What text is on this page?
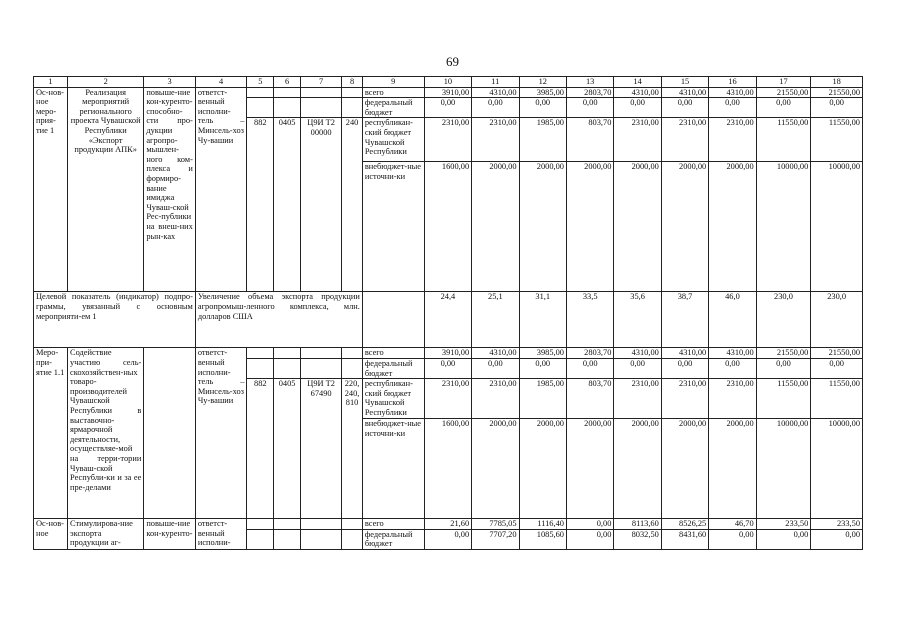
69
1	2	3	4	5	6	7	8	9	10	11	12	13	14	15	16	17	18
Ос-нов-ное меро-прия-тие 1	Реализация мероприятий регионального проекта Чувашской Республики «Экспорт продукции АПК»	повыше-ние кон-куренто-способно-сти про-дукции агропро-мышлен-ного ком-плекса и формиро-вание имиджа Чуваш-ской Рес-публики на внеш-них рын-ках	ответст-венный исполни-тель – Минсель-хоз Чу-вашии					всего	3910,00	4310,00	3985,00	2803,70	4310,00	4310,00	4310,00	21550,00	21550,00
								федеральный бюджет	0,00	0,00	0,00	0,00	0,00	0,00	0,00	0,00	0,00
				882	0405	Ц9И Т2 00000	240	республикан-ский бюджет Чувашской Республики	2310,00	2310,00	1985,00	803,70	2310,00	2310,00	2310,00	11550,00	11550,00
								внебюджет-ные источни-ки	1600,00	2000,00	2000,00	2000,00	2000,00	2000,00	2000,00	10000,00	10000,00
Целевой показатель (индикатор) подпро-граммы, увязанный с основным мероприяти-ем 1			Увеличение объема экспорта продукции агропромыш-ленного комплекса, млн. долларов США						24,4	25,1	31,1	33,5	35,6	38,7	46,0	230,0	230,0
Меро-при-ятие 1.1	Содействие участию сель-скохозяйствен-ных товаро-производителей Чувашской Республики в выставочно-ярмарочной деятельности, осуществляе-мой на терри-тории Чуваш-ской Республи-ки и за ее пре-делами		ответст-венный исполни-тель – Минсель-хоз Чу-вашии					всего	3910,00	4310,00	3985,00	2803,70	4310,00	4310,00	4310,00	21550,00	21550,00
								федеральный бюджет	0,00	0,00	0,00	0,00	0,00	0,00	0,00	0,00	0,00
				882	0405	Ц9И Т2 67490	220, 240, 810	республикан-ский бюджет Чувашской Республики	2310,00	2310,00	1985,00	803,70	2310,00	2310,00	2310,00	11550,00	11550,00
								внебюджет-ные источни-ки	1600,00	2000,00	2000,00	2000,00	2000,00	2000,00	2000,00	10000,00	10000,00
Ос-нов-ное	Стимулирова-ние экспорта продукции аг-	повыше-ние кон-куренто-	ответст-венный исполни-					всего	21,60	7785,05	1116,40	0,00	8113,60	8526,25	46,70	233,50	233,50
								федеральный бюджет	0,00	7707,20	1085,60	0,00	8032,50	8431,60	0,00	0,00	0,00
